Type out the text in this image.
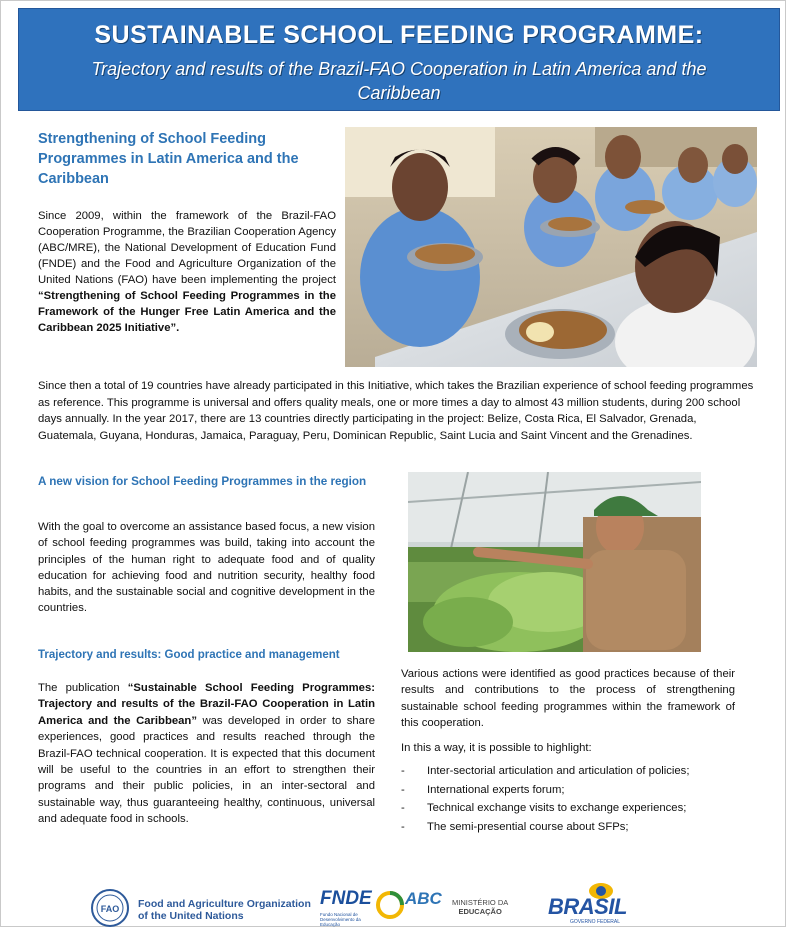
SUSTAINABLE SCHOOL FEEDING PROGRAMME:
Trajectory and results of the Brazil-FAO Cooperation in Latin America and the Caribbean
Strengthening of School Feeding Programmes in Latin America and the Caribbean
Since 2009, within the framework of the Brazil-FAO Cooperation Programme, the Brazilian Cooperation Agency (ABC/MRE), the National Development of Education Fund (FNDE) and the Food and Agriculture Organization of the United Nations (FAO) have been implementing the project “Strengthening of School Feeding Programmes in the Framework of the Hunger Free Latin America and the Caribbean 2025 Initiative”.
Since then a total of 19 countries have already participated in this Initiative, which takes the Brazilian experience of school feeding programmes as reference. This programme is universal and offers quality meals, one or more times a day to almost 43 million students, during 200 school days annually. In the year 2017, there are 13 countries directly participating in the project: Belize, Costa Rica, El Salvador, Grenada, Guatemala, Guyana, Honduras, Jamaica, Paraguay, Peru, Dominican Republic, Saint Lucia and Saint Vincent and the Grenadines.
A new vision for School Feeding Programmes in the region
With the goal to overcome an assistance based focus, a new vision of school feeding programmes was build, taking into account the principles of the human right to adequate food and of quality education for achieving food and nutrition security, healthy food habits, and the sustainable social and cognitive development in the countries.
Trajectory and results: Good practice and management
The publication “Sustainable School Feeding Programmes: Trajectory and results of the Brazil-FAO Cooperation in Latin America and the Caribbean” was developed in order to share experiences, good practices and results reached through the Brazil-FAO technical cooperation. It is expected that this document will be useful to the countries in an effort to strengthen their programs and their public policies, in an inter-sectoral and sustainable way, thus guaranteeing healthy, continuous, universal and adequate food in schools.
Various actions were identified as good practices because of their results and contributions to the process of strengthening sustainable school feeding programmes within the framework of this cooperation.
In this a way, it is possible to highlight:
- Inter-sectorial articulation and articulation of policies;
- International experts forum;
- Technical exchange visits to exchange experiences;
- The semi-presential course about SFPs;
FAO Food and Agriculture Organization
of the United Nations
FNDE ABC
Fundo Nacional de Desenvolvimento da Educação
MINISTÉRIO DA
EDUCAÇÃO BRASIL
GOVERNO FEDERAL
